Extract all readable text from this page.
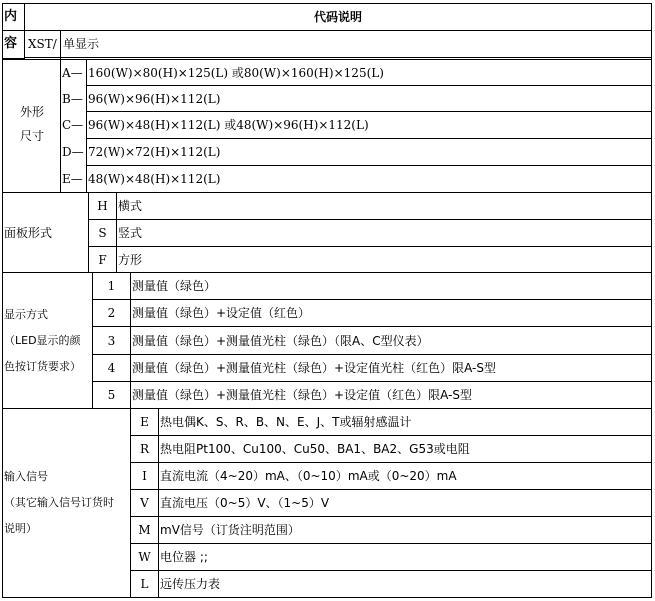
内
容
代码说明
XST/ 单显示
外形
尺寸
A— 160(W)×80(H)×125(L) 或80(W)×160(H)×125(L)
B— 96(W)×96(H)×112(L)
C— 96(W)×48(H)×112(L) 或48(W)×96(H)×112(L)
D— 72(W)×72(H)×112(L)
E— 48(W)×48(H)×112(L)
面板形式
H 横式
S 竖式
F 方形
显示方式
（LED显示的颜
色按订货要求）
1 测量值（绿色）
2 测量值（绿色）+设定值（红色）
3 测量值（绿色）+测量值光柱（绿色）（限A、C型仪表）
4 测量值（绿色）+测量值光柱（绿色）+设定值光柱（红色）限A-S型
5 测量值（绿色）+测量值光柱（绿色）+设定值（红色）限A-S型
输入信号
（其它输入信号订货时
说明）
E 热电偶K、S、R、B、N、E、J、T或辐射感温计
R 热电阻Pt100、Cu100、Cu50、BA1、BA2、G53或电阻
I 直流电流（4~20）mA、（0~10）mA或（0~20）mA
V 直流电压（0~5）V、（1~5）V
M mV信号（订货注明范围）
W 电位器 ;;
L 远传压力表
